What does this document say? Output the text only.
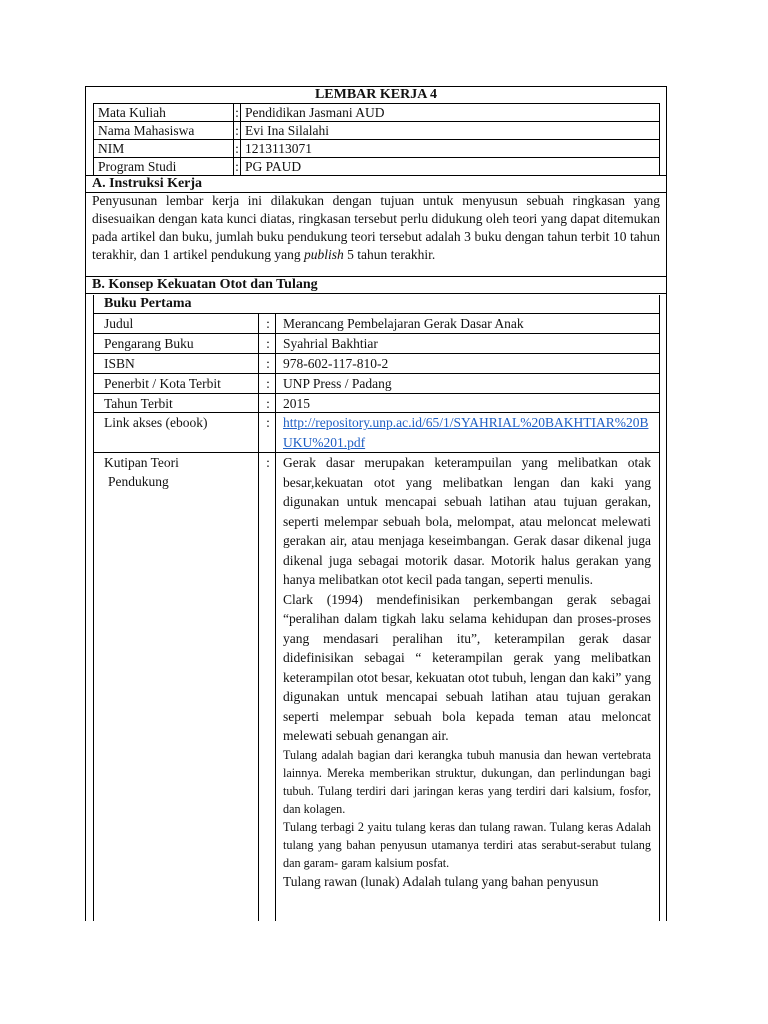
LEMBAR KERJA 4
Mata Kuliah	:	Pendidikan Jasmani AUD
Nama Mahasiswa	:	Evi Ina Silalahi
NIM	:	1213113071
Program Studi	:	PG PAUD
A. Instruksi Kerja
Penyusunan lembar kerja ini dilakukan dengan tujuan untuk menyusun sebuah ringkasan yang disesuaikan dengan kata kunci diatas, ringkasan tersebut perlu didukung oleh teori yang dapat ditemukan pada artikel dan buku, jumlah buku pendukung teori tersebut adalah 3 buku dengan tahun terbit 10 tahun terakhir, dan 1 artikel pendukung yang publish 5 tahun terakhir.
B. Konsep Kekuatan Otot dan Tulang
Buku Pertama
Judul	: Merancang Pembelajaran Gerak Dasar Anak
Pengarang Buku	: Syahrial Bakhtiar
ISBN	: 978-602-117-810-2
Penerbit / Kota Terbit	: UNP Press / Padang
Tahun Terbit	: 2015
Link akses (ebook)	: http://repository.unp.ac.id/65/1/SYAHRIAL%20BAKHTIAR%20BUKU%201.pdf
Kutipan Teori
Pendukung
: Gerak dasar merupakan keterampuilan yang melibatkan otak besar,kekuatan otot yang melibatkan lengan dan kaki yang digunakan untuk mencapai sebuah latihan atau tujuan gerakan, seperti melempar sebuah bola, melompat, atau meloncat melewati gerakan air, atau menjaga keseimbangan. Gerak dasar dikenal juga dikenal juga sebagai motorik dasar. Motorik halus gerakan yang hanya melibatkan otot kecil pada tangan, seperti menulis.

Clark (1994) mendefinisikan perkembangan gerak sebagai “peralihan dalam tigkah laku selama kehidupan dan proses-proses yang mendasari peralihan itu”, keterampilan gerak dasar didefinisikan sebagai “ keterampilan gerak yang melibatkan keterampilan otot besar, kekuatan otot tubuh, lengan dan kaki” yang digunakan untuk mencapai sebuah latihan atau tujuan gerakan seperti melempar sebuah bola kepada teman atau meloncat melewati sebuah genangan air.

Tulang adalah bagian dari kerangka tubuh manusia dan hewan vertebrata lainnya. Mereka memberikan struktur, dukungan, dan perlindungan bagi tubuh. Tulang terdiri dari jaringan keras yang terdiri dari kalsium, fosfor, dan kolagen.

Tulang terbagi 2 yaitu tulang keras dan tulang rawan. Tulang keras Adalah tulang yang bahan penyusun utamanya terdiri atas serabut-serabut tulang dan garam- garam kalsium posfat.

Tulang rawan (lunak) Adalah tulang yang bahan penyusun
